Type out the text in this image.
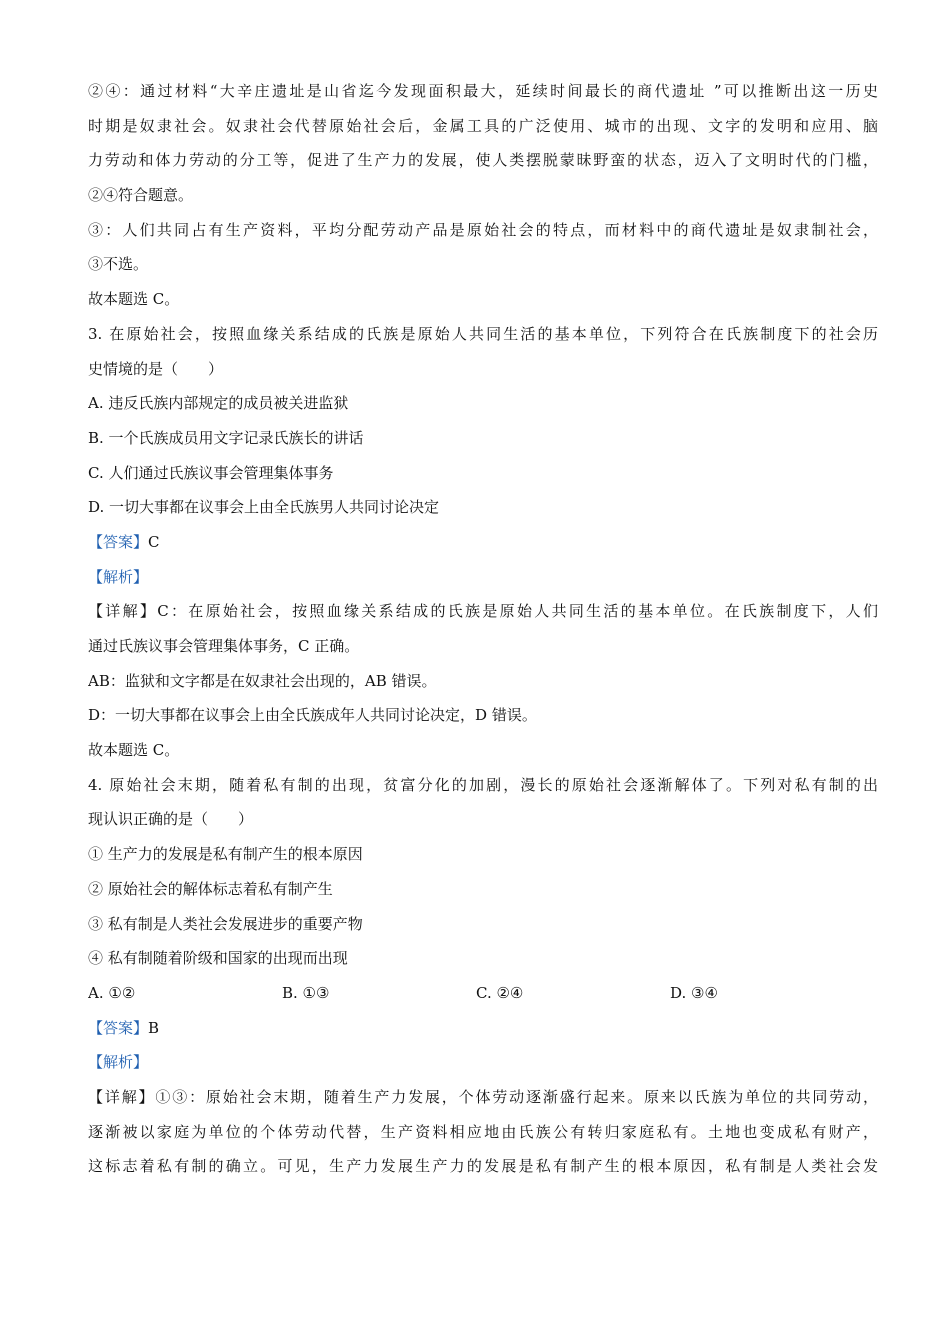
②④：通过材料“大辛庄遗址是山省迄今发现面积最大，延续时间最长的商代遗址 ”可以推断出这一历史
时期是奴隶社会。奴隶社会代替原始社会后，金属工具的广泛使用、城市的出现、文字的发明和应用、脑
力劳动和体力劳动的分工等，促进了生产力的发展，使人类摆脱蒙昧野蛮的状态，迈入了文明时代的门槛，
②④符合题意。
③：人们共同占有生产资料，平均分配劳动产品是原始社会的特点，而材料中的商代遗址是奴隶制社会，
③不选。
故本题选 C。
3. 在原始社会，按照血缘关系结成的氏族是原始人共同生活的基本单位，下列符合在氏族制度下的社会历
史情境的是（　　）
A. 违反氏族内部规定的成员被关进监狱
B. 一个氏族成员用文字记录氏族长的讲话
C. 人们通过氏族议事会管理集体事务
D. 一切大事都在议事会上由全氏族男人共同讨论决定
【答案】C
【解析】
【详解】C：在原始社会，按照血缘关系结成的氏族是原始人共同生活的基本单位。在氏族制度下，人们
通过氏族议事会管理集体事务，C 正确。
AB：监狱和文字都是在奴隶社会出现的，AB 错误。
D：一切大事都在议事会上由全氏族成年人共同讨论决定，D 错误。
故本题选 C。
4. 原始社会末期，随着私有制的出现，贫富分化的加剧，漫长的原始社会逐渐解体了。下列对私有制的出
现认识正确的是（　　）
① 生产力的发展是私有制产生的根本原因
② 原始社会的解体标志着私有制产生
③ 私有制是人类社会发展进步的重要产物
④ 私有制随着阶级和国家的出现而出现
A. ①②	B. ①③	C. ②④	D. ③④
【答案】B
【解析】
【详解】①③：原始社会末期，随着生产力发展，个体劳动逐渐盛行起来。原来以氏族为单位的共同劳动，
逐渐被以家庭为单位的个体劳动代替，生产资料相应地由氏族公有转归家庭私有。土地也变成私有财产，
这标志着私有制的确立。可见，生产力发展生产力的发展是私有制产生的根本原因，私有制是人类社会发
